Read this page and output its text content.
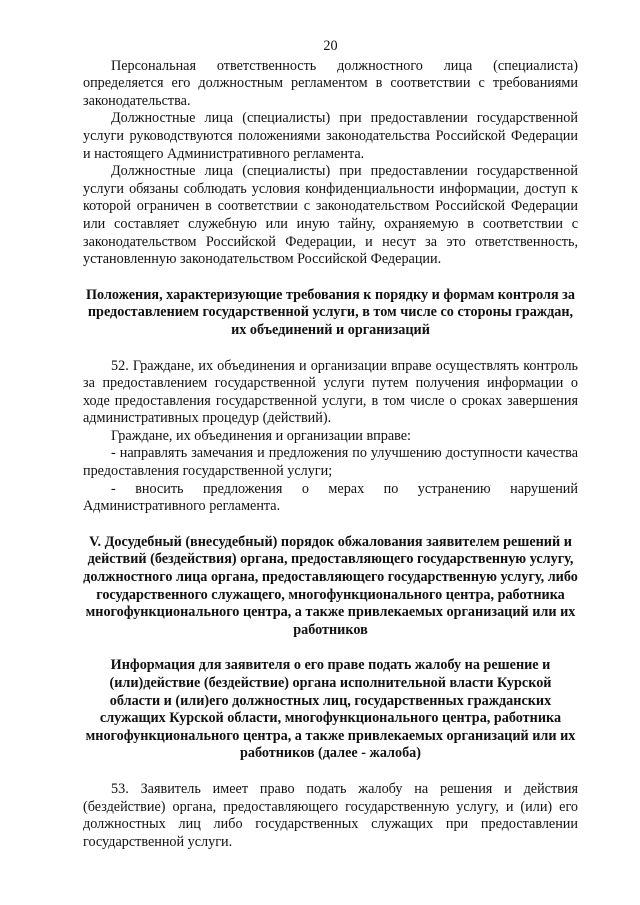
20

Персональная ответственность должностного лица (специалиста) определяется его должностным регламентом в соответствии с требованиями законодательства.

Должностные лица (специалисты) при предоставлении государственной услуги руководствуются положениями законодательства Российской Федерации и настоящего Административного регламента.

Должностные лица (специалисты) при предоставлении государственной услуги обязаны соблюдать условия конфиденциальности информации, доступ к которой ограничен в соответствии с законодательством Российской Федерации или составляет служебную или иную тайну, охраняемую в соответствии с законодательством Российской Федерации, и несут за это ответственность, установленную законодательством Российской Федерации.

Положения, характеризующие требования к порядку и формам контроля за предоставлением государственной услуги, в том числе со стороны граждан, их объединений и организаций

52. Граждане, их объединения и организации вправе осуществлять контроль за предоставлением государственной услуги путем получения информации о ходе предоставления государственной услуги, в том числе о сроках завершения административных процедур (действий).

Граждане, их объединения и организации вправе:

- направлять замечания и предложения по улучшению доступности качества предоставления государственной услуги;

- вносить предложения о мерах по устранению нарушений Административного регламента.

V. Досудебный (внесудебный) порядок обжалования заявителем решений и действий (бездействия) органа, предоставляющего государственную услугу, должностного лица органа, предоставляющего государственную услугу, либо государственного служащего, многофункционального центра, работника многофункционального центра, а также привлекаемых организаций или их работников
Информация для заявителя о его праве подать жалобу на решение и (или)действие (бездействие) органа исполнительной власти Курской области и (или)его должностных лиц, государственных гражданских служащих Курской области, многофункционального центра, работника многофункционального центра, а также привлекаемых организаций или их работников (далее - жалоба)

53. Заявитель имеет право подать жалобу на решения и действия (бездействие) органа, предоставляющего государственную услугу, и (или) его должностных лиц либо государственных служащих при предоставлении государственной услуги.
